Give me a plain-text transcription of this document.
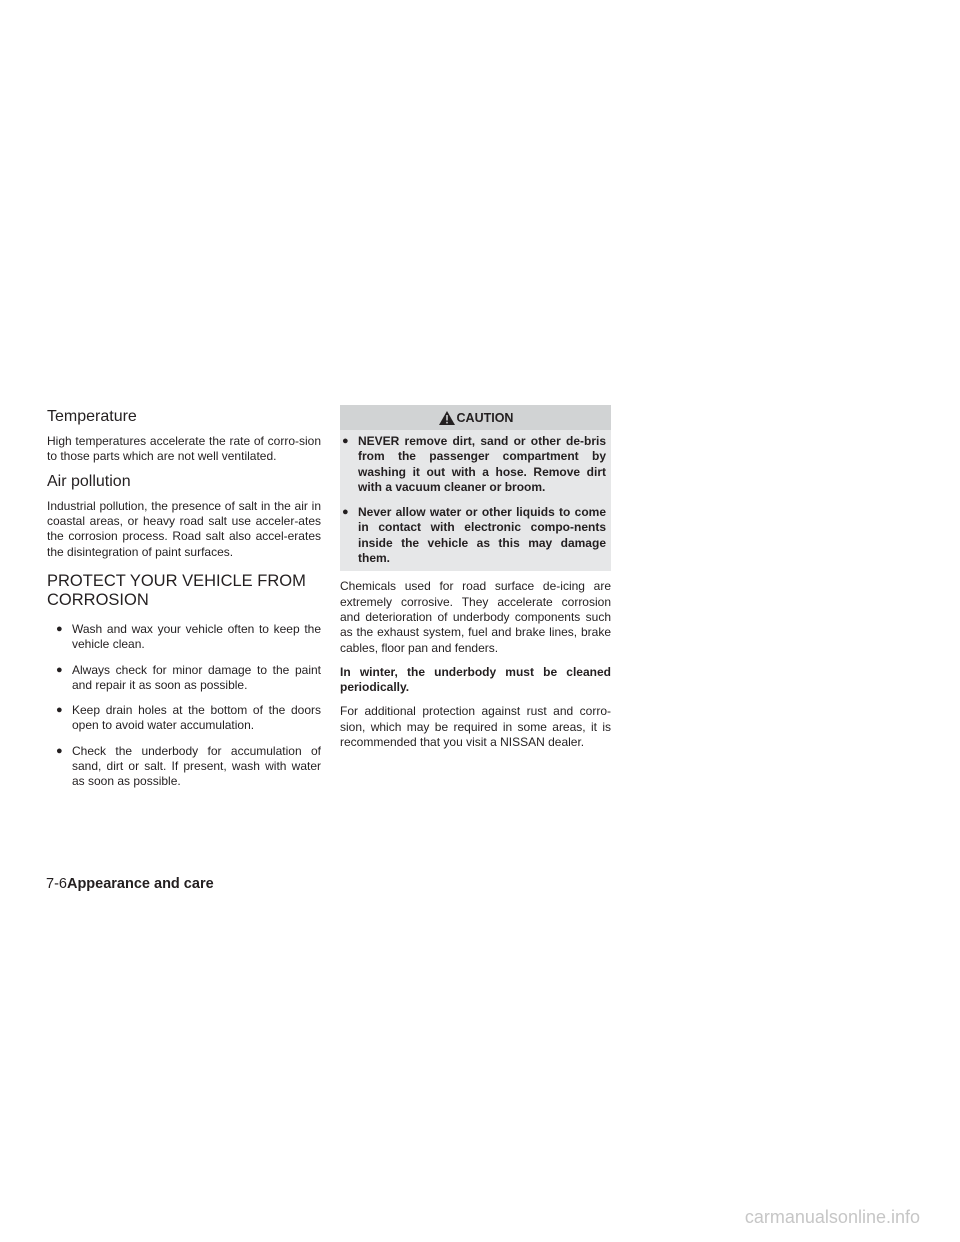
Temperature

High temperatures accelerate the rate of corro-sion to those parts which are not well ventilated.

Air pollution

Industrial pollution, the presence of salt in the air in coastal areas, or heavy road salt use acceler-ates the corrosion process. Road salt also accel-erates the disintegration of paint surfaces.

PROTECT YOUR VEHICLE FROM CORROSION
● Wash and wax your vehicle often to keep the vehicle clean.
● Always check for minor damage to the paint and repair it as soon as possible.
● Keep drain holes at the bottom of the doors open to avoid water accumulation.
● Check the underbody for accumulation of sand, dirt or salt. If present, wash with water as soon as possible.
CAUTION
● NEVER remove dirt, sand or other de-bris from the passenger compartment by washing it out with a hose. Remove dirt with a vacuum cleaner or broom.
● Never allow water or other liquids to come in contact with electronic compo-nents inside the vehicle as this may damage them.

Chemicals used for road surface de-icing are extremely corrosive. They accelerate corrosion and deterioration of underbody components such as the exhaust system, fuel and brake lines, brake cables, floor pan and fenders.

In winter, the underbody must be cleaned periodically.

For additional protection against rust and corro-sion, which may be required in some areas, it is recommended that you visit a NISSAN dealer.

7-6Appearance and care
carmanualsonline.info
